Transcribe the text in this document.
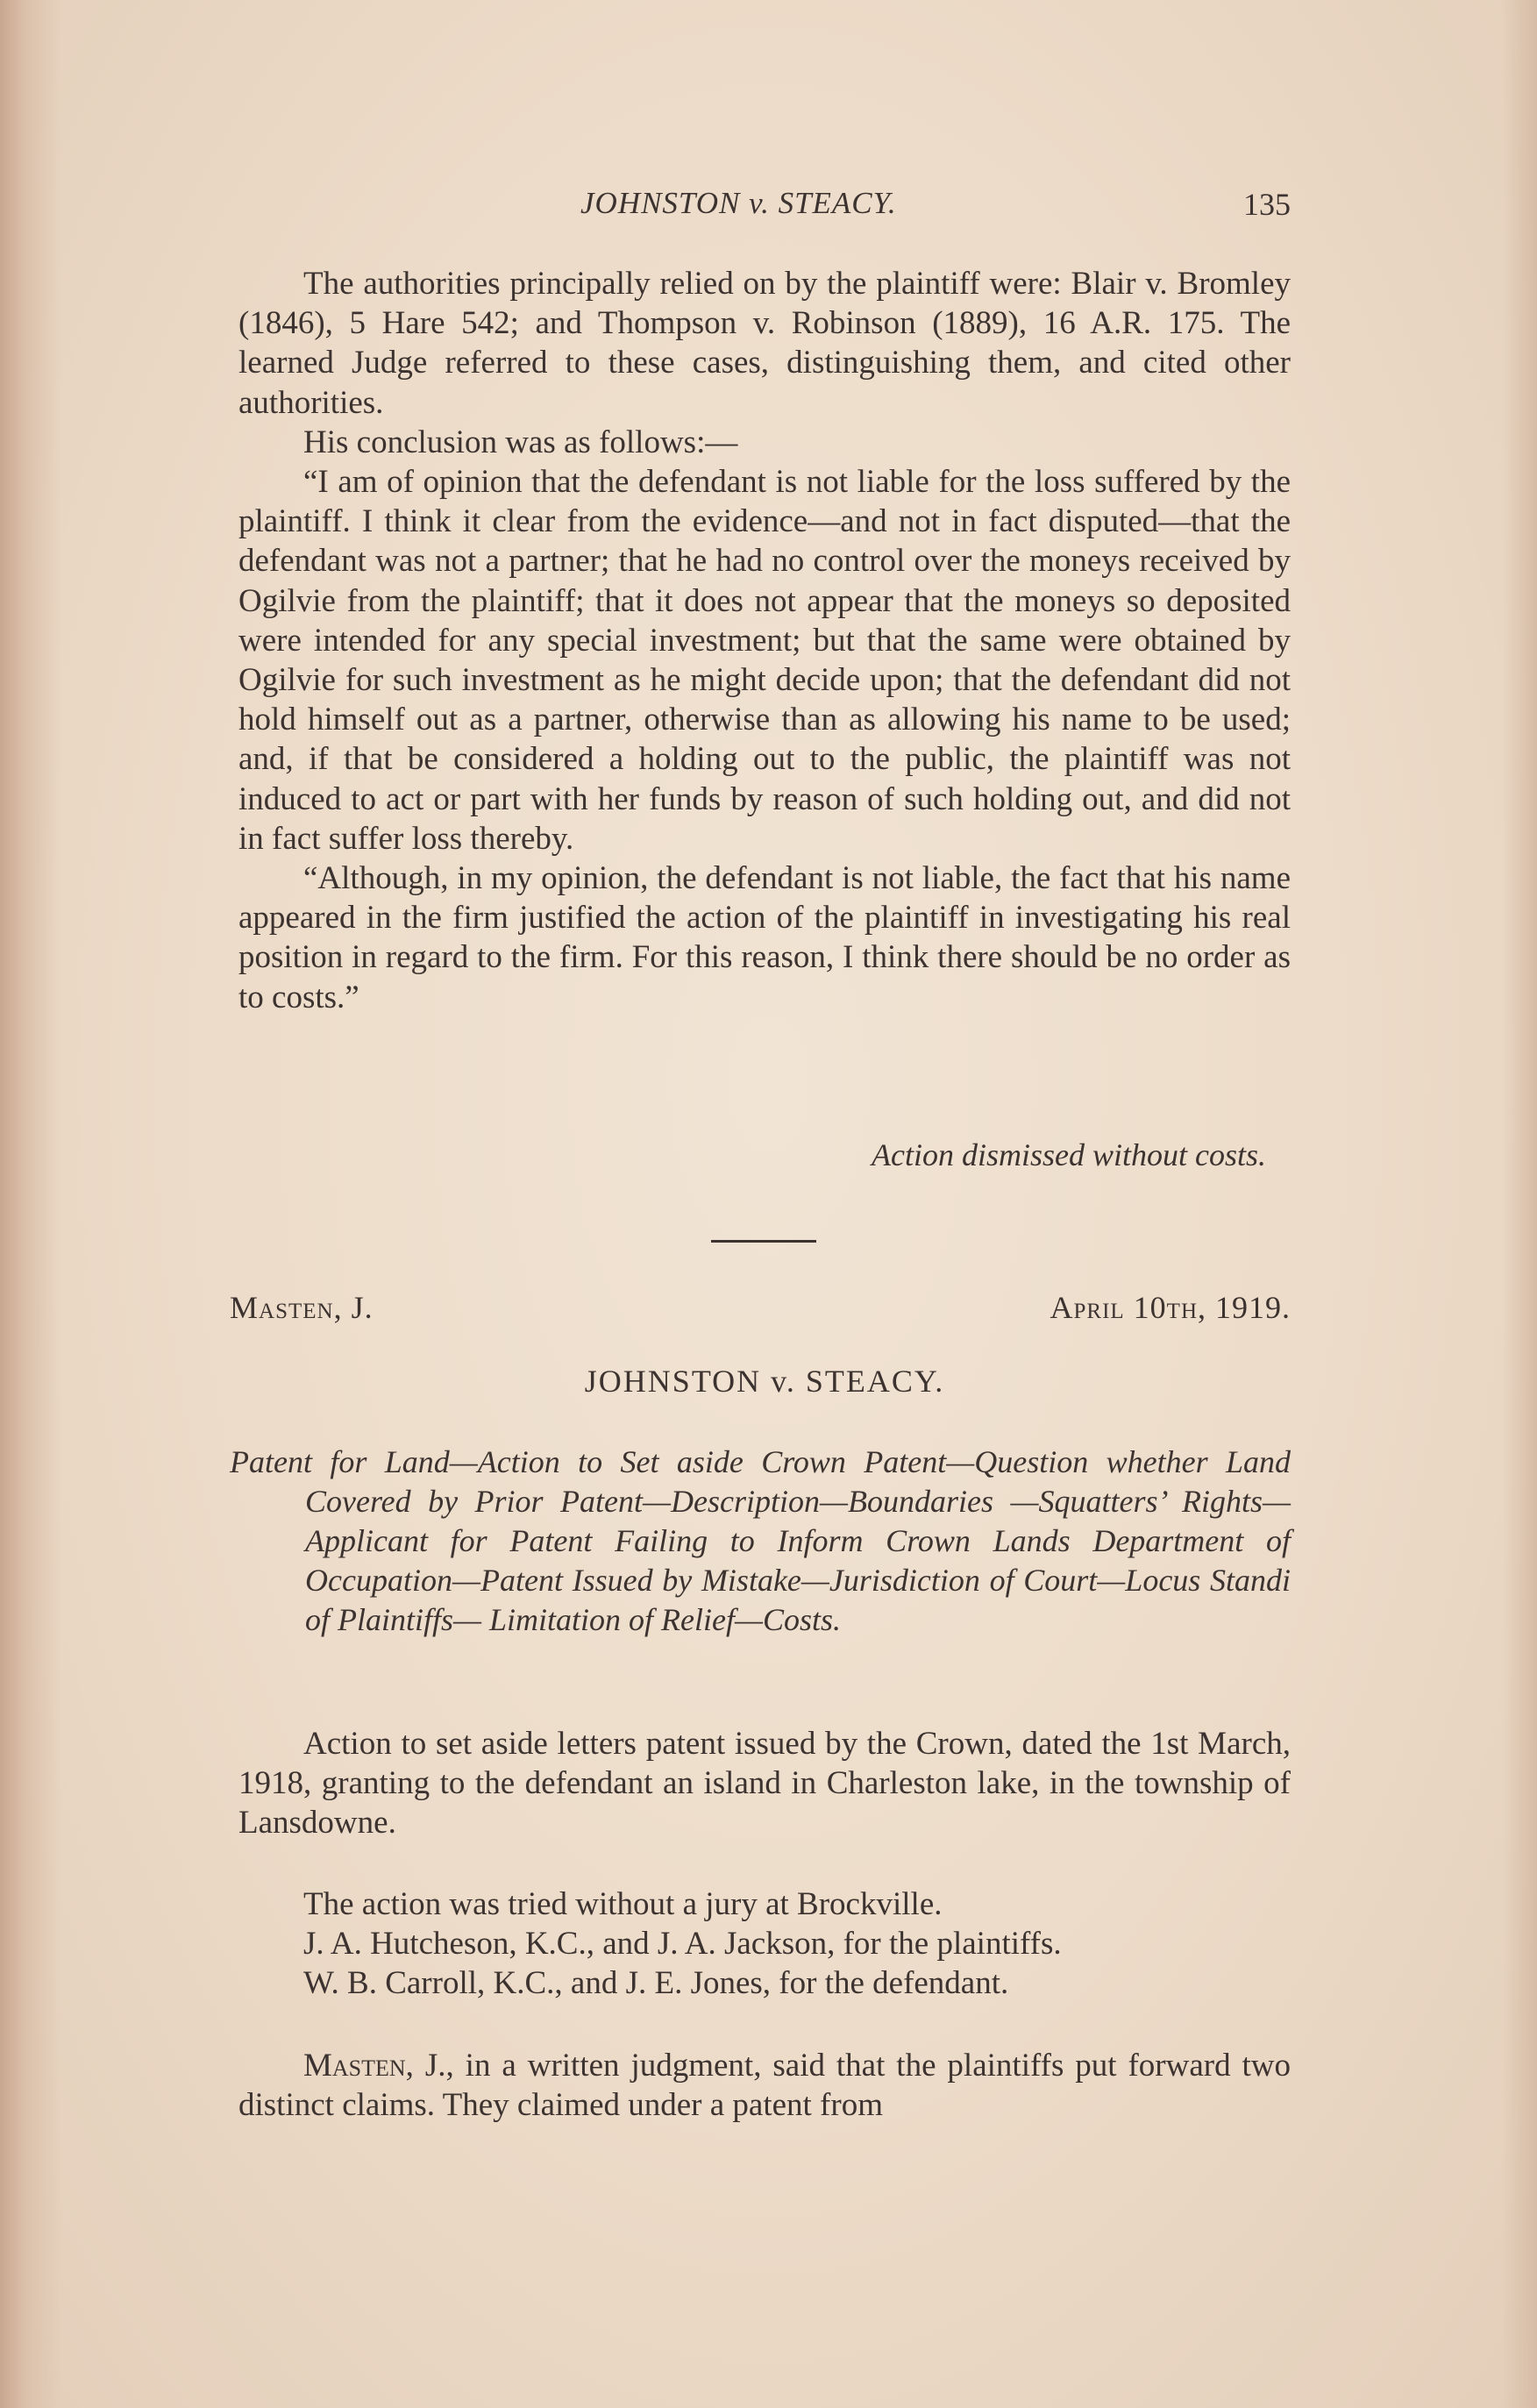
JOHNSTON v. STEACY.	135

The authorities principally relied on by the plaintiff were: Blair v. Bromley (1846), 5 Hare 542; and Thompson v. Robinson (1889), 16 A.R. 175. The learned Judge referred to these cases, distinguishing them, and cited other authorities.

His conclusion was as follows:—

“I am of opinion that the defendant is not liable for the loss suffered by the plaintiff. I think it clear from the evidence—and not in fact disputed—that the defendant was not a partner; that he had no control over the moneys received by Ogilvie from the plaintiff; that it does not appear that the moneys so deposited were intended for any special investment; but that the same were obtained by Ogilvie for such investment as he might decide upon; that the defendant did not hold himself out as a partner, otherwise than as allowing his name to be used; and, if that be considered a holding out to the public, the plaintiff was not induced to act or part with her funds by reason of such holding out, and did not in fact suffer loss thereby.

“Although, in my opinion, the defendant is not liable, the fact that his name appeared in the firm justified the action of the plaintiff in investigating his real position in regard to the firm. For this reason, I think there should be no order as to costs.”

Action dismissed without costs.
Masten, J.	April 10th, 1919.
JOHNSTON v. STEACY.

Patent for Land—Action to Set aside Crown Patent—Question whether Land Covered by Prior Patent—Description—Boundaries —Squatters’ Rights—Applicant for Patent Failing to Inform Crown Lands Department of Occupation—Patent Issued by Mistake—Jurisdiction of Court—Locus Standi of Plaintiffs— Limitation of Relief—Costs.

Action to set aside letters patent issued by the Crown, dated the 1st March, 1918, granting to the defendant an island in Charleston lake, in the township of Lansdowne.

The action was tried without a jury at Brockville.

J. A. Hutcheson, K.C., and J. A. Jackson, for the plaintiffs.

W. B. Carroll, K.C., and J. E. Jones, for the defendant.

Masten, J., in a written judgment, said that the plaintiffs put forward two distinct claims. They claimed under a patent from
